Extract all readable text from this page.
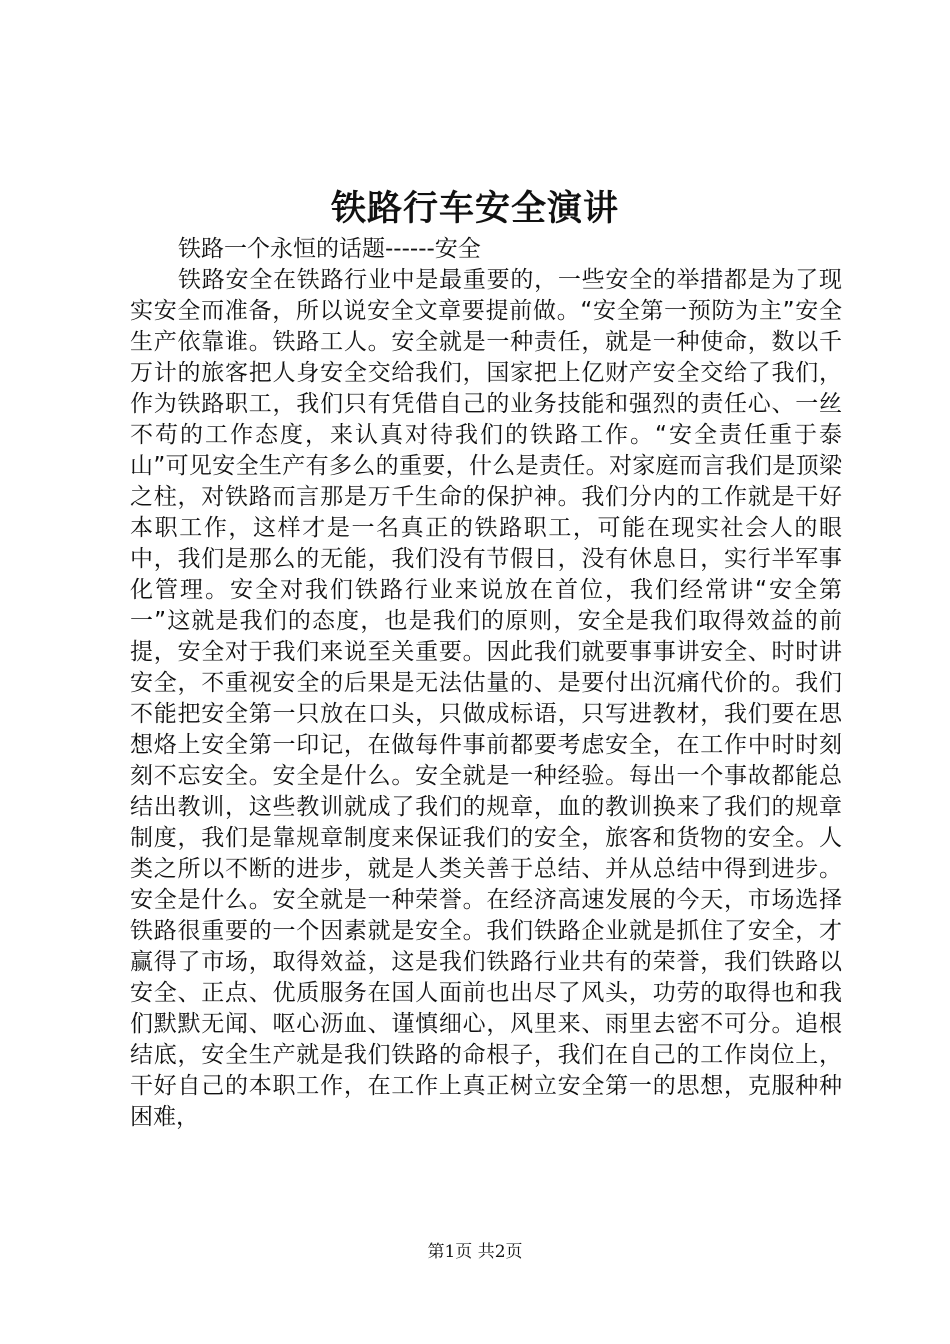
铁路行车安全演讲

铁路一个永恒的话题------安全

铁路安全在铁路行业中是最重要的，一些安全的举措都是为了现实安全而准备，所以说安全文章要提前做。“安全第一预防为主”安全生产依靠谁。铁路工人。安全就是一种责任，就是一种使命，数以千万计的旅客把人身安全交给我们，国家把上亿财产安全交给了我们，作为铁路职工，我们只有凭借自己的业务技能和强烈的责任心、一丝不苟的工作态度，来认真对待我们的铁路工作。“安全责任重于泰山”可见安全生产有多么的重要，什么是责任。对家庭而言我们是顶梁之柱，对铁路而言那是万千生命的保护神。我们分内的工作就是干好本职工作，这样才是一名真正的铁路职工，可能在现实社会人的眼中，我们是那么的无能，我们没有节假日，没有休息日，实行半军事化管理。安全对我们铁路行业来说放在首位，我们经常讲“安全第一”这就是我们的态度，也是我们的原则，安全是我们取得效益的前提，安全对于我们来说至关重要。因此我们就要事事讲安全、时时讲安全，不重视安全的后果是无法估量的、是要付出沉痛代价的。我们不能把安全第一只放在口头，只做成标语，只写进教材，我们要在思想烙上安全第一印记，在做每件事前都要考虑安全，在工作中时时刻刻不忘安全。安全是什么。安全就是一种经验。每出一个事故都能总结出教训，这些教训就成了我们的规章，血的教训换来了我们的规章制度，我们是靠规章制度来保证我们的安全，旅客和货物的安全。人类之所以不断的进步，就是人类关善于总结、并从总结中得到进步。安全是什么。安全就是一种荣誉。在经济高速发展的今天，市场选择铁路很重要的一个因素就是安全。我们铁路企业就是抓住了安全，才赢得了市场，取得效益，这是我们铁路行业共有的荣誉，我们铁路以安全、正点、优质服务在国人面前也出尽了风头，功劳的取得也和我们默默无闻、呕心沥血、谨慎细心，风里来、雨里去密不可分。追根结底，安全生产就是我们铁路的命根子，我们在自己的工作岗位上，干好自己的本职工作，在工作上真正树立安全第一的思想，克服种种困难，

第1页 共2页
